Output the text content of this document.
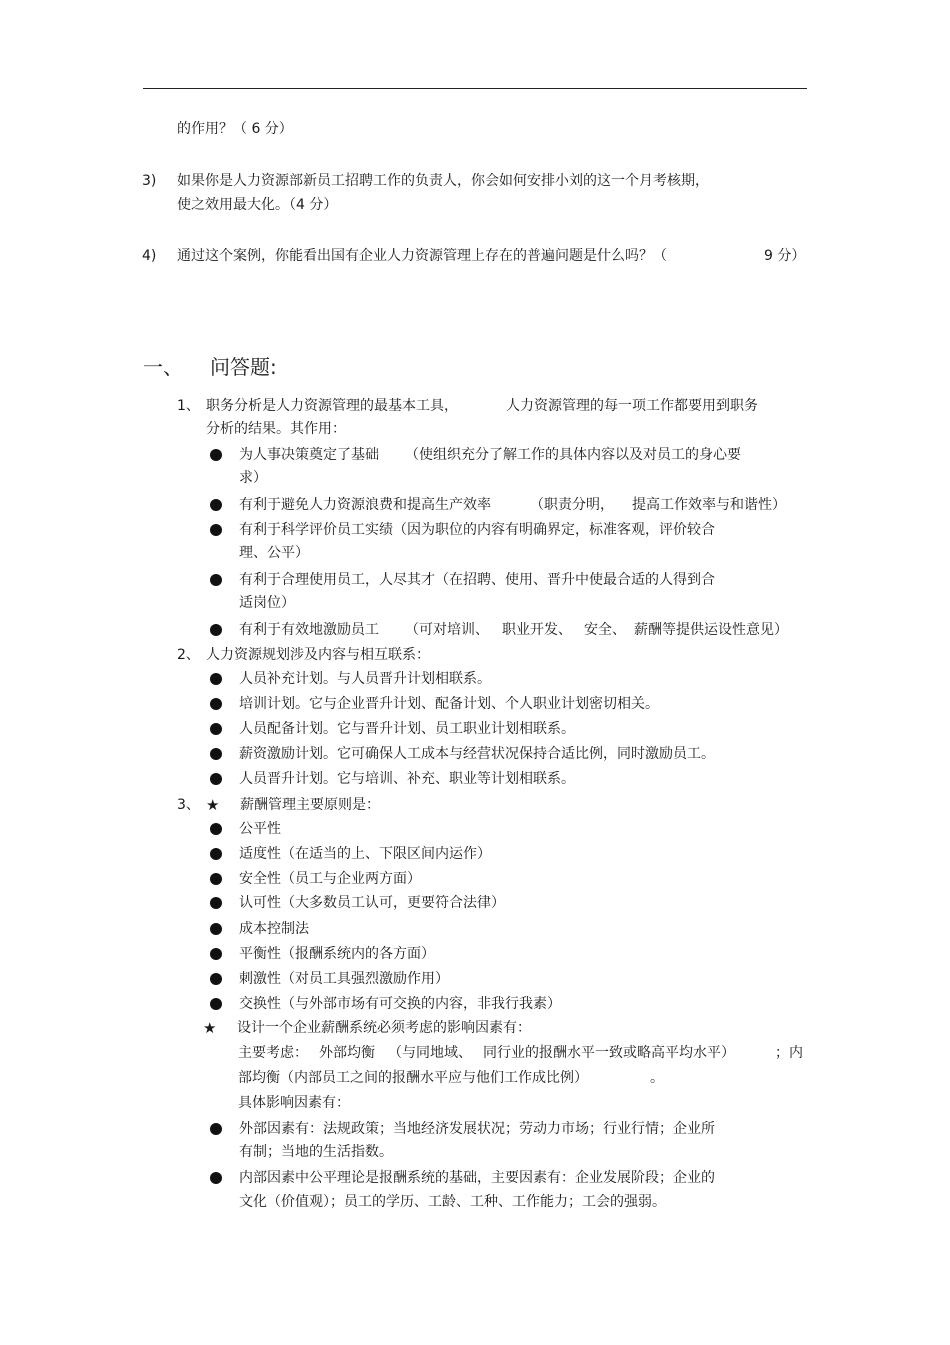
的作用？（ 6 分）
3) 如果你是人力资源部新员工招聘工作的负责人，你会如何安排小刘的这一个月考核期，
使之效用最大化。（4 分）
4) 通过这个案例，你能看出国有企业人力资源管理上存在的普遍问题是什么吗？（	9 分）
一、 问答题:
1、 职务分析是人力资源管理的最基本工具，	人力资源管理的每一项工作都要用到职务
分析的结果。其作用：
为人事决策奠定了基础 （使组织充分了解工作的具体内容以及对员工的身心要
求）
有利于避免人力资源浪费和提高生产效率	（职责分明， 提高工作效率与和谐性）
有利于科学评价员工实绩（因为职位的内容有明确界定，标准客观，评价较合
理、公平）
有利于合理使用员工，人尽其才（在招聘、使用、晋升中使最合适的人得到合
适岗位）
有利于有效地激励员工 （可对培训、 职业开发、 安全、 薪酬等提供运设性意见）
2、 人力资源规划涉及内容与相互联系：
人员补充计划。与人员晋升计划相联系。
培训计划。它与企业晋升计划、配备计划、个人职业计划密切相关。
人员配备计划。它与晋升计划、员工职业计划相联系。
薪资激励计划。它可确保人工成本与经营状况保持合适比例，同时激励员工。
人员晋升计划。它与培训、补充、职业等计划相联系。
3、 ★ 薪酬管理主要原则是：
公平性
适度性（在适当的上、下限区间内运作）
安全性（员工与企业两方面）
认可性（大多数员工认可，更要符合法律）
成本控制法
平衡性（报酬系统内的各方面）
刺激性（对员工具强烈激励作用）
交换性（与外部市场有可交换的内容，非我行我素）
★ 设计一个企业薪酬系统必须考虑的影响因素有：
主要考虑： 外部均衡 （与同地域、 同行业的报酬水平一致或略高平均水平）	；内
部均衡（内部员工之间的报酬水平应与他们工作成比例）	。
具体影响因素有：
外部因素有：法规政策；当地经济发展状况；劳动力市场；行业行情；企业所
有制；当地的生活指数。
内部因素中公平理论是报酬系统的基础，主要因素有：企业发展阶段；企业的
文化（价值观）；员工的学历、工龄、工种、工作能力；工会的强弱。
